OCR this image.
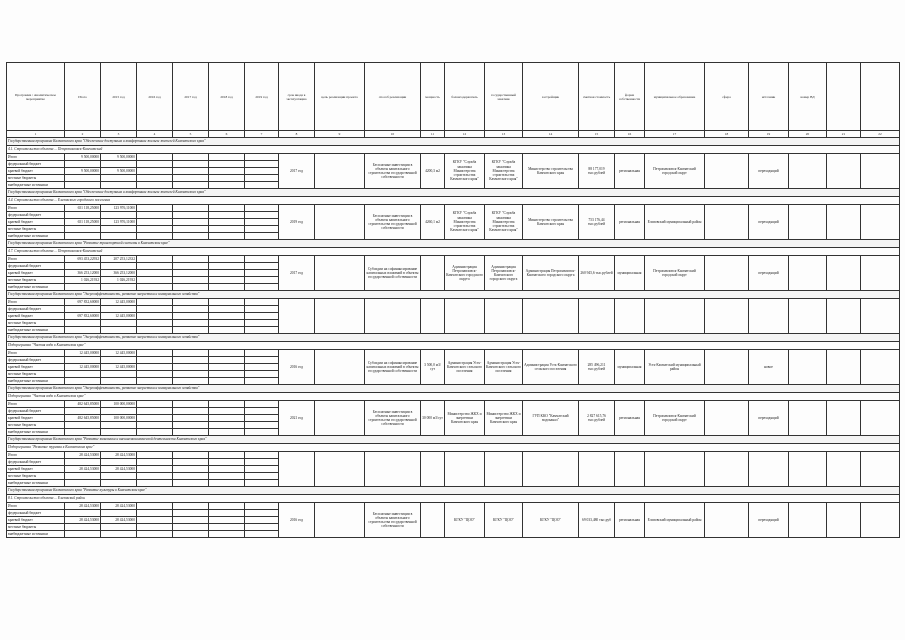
Программа / Аналитическое мероприятие	Итого	2015 год	2016 год	2017 год	2018 год	2019 год	срок ввода в эксплуатацию	цель реализации проекта	способ реализации	мощность	балансодержатель	государственный заказчик	застройщик	сметная стоимость	форма собственности	муниципальное образование	сфера	источник	номер ВД		
1	2	3	4	5	6	7	8	9	10	11	12	13	14	15	16	17	18	19	20	21	22
Государственная программа Камчатского края "Обеспечение доступным и комфортным жильем жителей Камчатского края"																					
4.1. Строительство объекта ... Петропавловск-Камчатский																					
Итого	9 500,00000	9 500,00000					2017 год		Бесплатные инвестиции в объекты капитального строительства государственной собственности	4200,3 м2	КГКУ "Служба заказчика Министерства строительства Камчатского края"	КГКУ "Служба заказчика Министерства строительства Камчатского края"	Министерство строительства Камчатского края	88 177,019 тыс.рублей	региональная	Петропавловск-Камчатский городской округ		переходящий			
федеральный бюджет																					
краевой бюджет	9 500,00000	9 500,00000																			
местные бюджеты																					
внебюджетные источники																					
Государственная программа Камчатского края "Обеспечение доступным и комфортным жильем жителей Камчатского края"																					
4.4. Строительство объекта ... Елизовского городского поселения																					
Итого	651 118,25000	123 976,11000					2019 год		Бесплатные инвестиции в объекты капитального строительства государственной собственности	4260,1 м2	КГКУ "Служба заказчика Министерства строительства Камчатского края"	КГКУ "Служба заказчика Министерства строительства Камчатского края"	Министерство строительства Камчатского края	753 176,44 тыс.рублей	региональная	Елизовский муниципальный район		переходящий			
федеральный бюджет																					
краевой бюджет	651 118,25000	123 976,11000																			
местные бюджеты																					
внебюджетные источники																					
Государственная программа Камчатского края "Развитие транспортной системы в Камчатском крае"																					
4.7. Строительство объекта ... Петропавловск-Камчатский																					
Итого	693 453,22932	207 253,12332					2017 год		Субсидии на софинансирование капитальных вложений в объекты государственной собственности		Администрация Петропавловск-Камчатского городского округа	Администрация Петропавловск-Камчатского городского округа	Администрация Петропавловск-Камчатского городского округа	260 945,6 тыс.рублей	муниципальная	Петропавловск-Камчатский городской округ		переходящий			
федеральный бюджет																					
краевой бюджет	366 253,12000	366 253,12000																			
местные бюджеты	1 026,21932	1 026,21932																			
внебюджетные источники																					
Государственная программа Камчатского края "Энергоэффективность, развитие энергетики и коммунального хозяйства"																					
Итого	697 832,60000	12 445,00000																			
федеральный бюджет																					
краевой бюджет	697 832,60000	12 445,00000																			
местные бюджеты																					
внебюджетные источники																					
Государственная программа Камчатского края "Энергоэффективность, развитие энергетики и коммунального хозяйства"																					
Подпрограмма "Чистая вода в Камчатском крае"																					
Итого	12 445,00000	12 445,00000					2016 год		Субсидии на софинансирование капитальных вложений в объекты государственной собственности	3 500,0 м3/сут	Администрация Усть-Камчатского сельского поселения	Администрация Усть-Камчатского сельского поселения	Администрация Усть-Камчатского сельского поселения	285 496,211 тыс.рублей	муниципальная	Усть-Камчатский муниципальный район		новое			
федеральный бюджет																					
краевой бюджет	12 445,00000	12 445,00000																			
местные бюджеты																					
внебюджетные источники																					
Государственная программа Камчатского края "Энергоэффективность, развитие энергетики и коммунального хозяйства"																					
Подпрограмма "Чистая вода в Камчатском крае"																					
Итого	482 645,85000	100 000,00000					2021 год		Бесплатные инвестиции в объекты капитального строительства государственной собственности	30 000 м3/сут	Министерство ЖКХ и энергетики Камчатского края	Министерство ЖКХ и энергетики Камчатского края	ГУП ККО "Камчатский водоканал"	2 827 615,76 тыс.рублей	региональная	Петропавловск-Камчатский городской округ		переходящий			
федеральный бюджет																					
краевой бюджет	482 645,85000	100 000,00000																			
местные бюджеты																					
внебюджетные источники																					
Государственная программа Камчатского края "Развитие экономики и внешнеэкономической деятельности Камчатского края"																					
Подпрограмма "Развитие туризма в Камчатском крае"																					
Итого	28 424,53000	28 424,53000																			
федеральный бюджет																					
краевой бюджет	28 424,53000	28 424,53000																			
местные бюджеты																					
внебюджетные источники																					
Государственная программа Камчатского края "Развитие культуры в Камчатском крае"																					
8.1. Строительство объекта ... Елизовский район																					
Итого	28 424,53000	28 424,53000					2016 год		Бесплатные инвестиции в объекты капитального строительства государственной собственности		КГКУ "ЦОО"	КГКУ "ЦОО"	КГКУ "ЦОО"	69 033,480 тыс.руб	региональная	Елизовский муниципальный район		переходящий			
федеральный бюджет																					
краевой бюджет	28 424,53000	28 424,53000																			
местные бюджеты																					
внебюджетные источники																					
